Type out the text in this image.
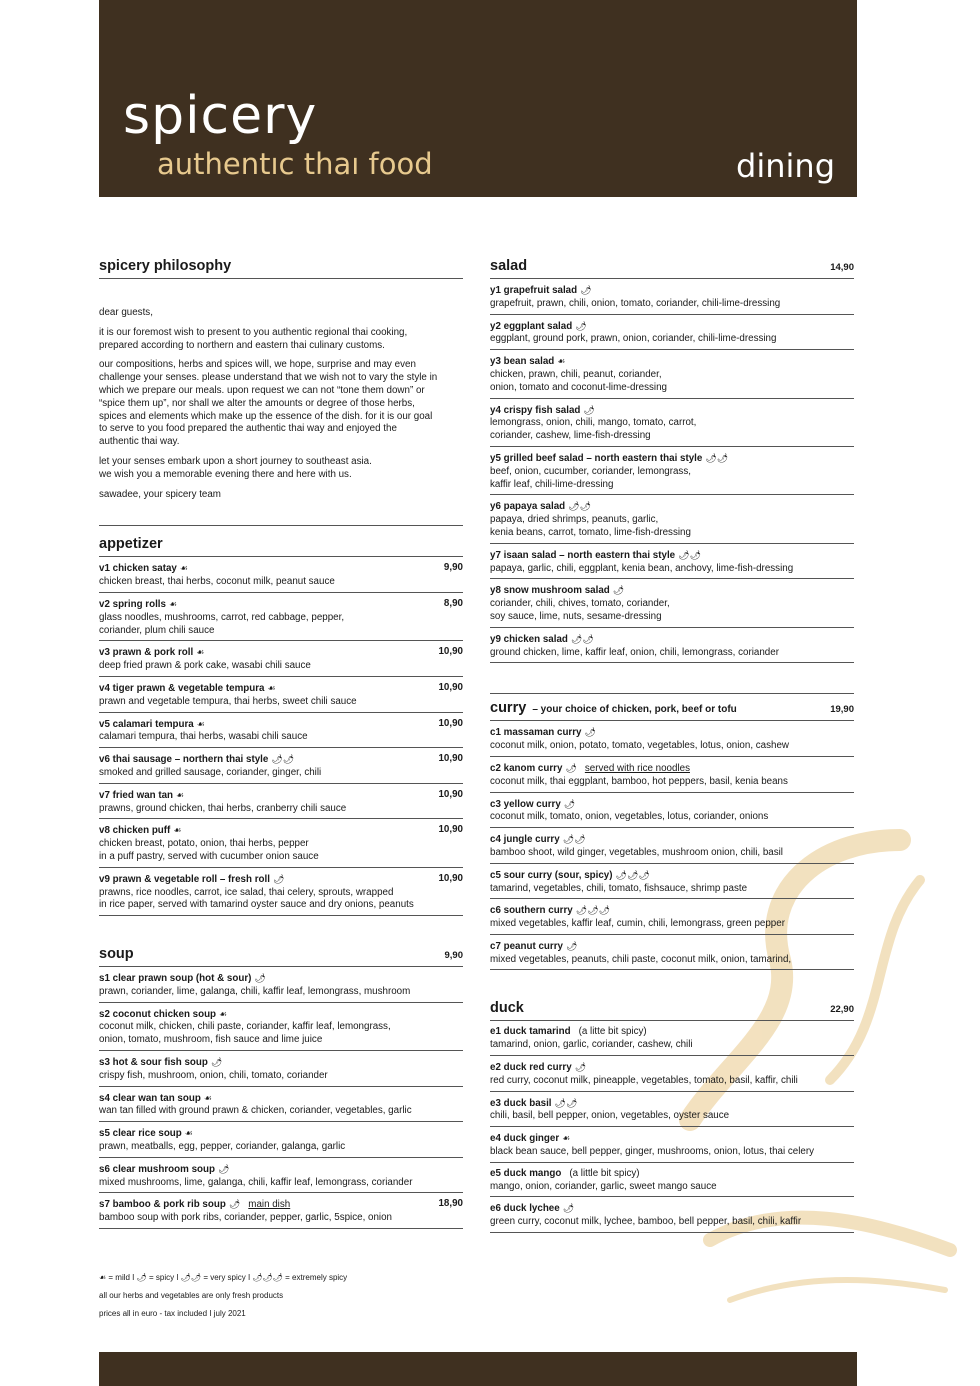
spicery
authentıc thaı food	dining
spicery philosophy

dear guests,

it is our foremost wish to present to you authentic regional thai cooking,
prepared according to northern and eastern thai culinary customs.

our compositions, herbs and spices will, we hope, surprise and may even
challenge your senses. please understand that we wish not to vary the style in
which we prepare our meals. upon request we can not “tone them down” or
“spice them up”, nor shall we alter the amounts or degree of those herbs,
spices and elements which make up the essence of the dish. for it is our goal
to serve to you food prepared the authentic thai way and enjoyed the
authentic thai way.

let your senses embark upon a short journey to southeast asia.
we wish you a memorable evening there and here with us.

sawadee, your spicery team

appetizer
v1 chicken satay ☙	9,90
chicken breast, thai herbs, coconut milk, peanut sauce
v2 spring rolls ☙	8,90
glass noodles, mushrooms, carrot, red cabbage, pepper,
coriander, plum chili sauce
v3 prawn & pork roll ☙	10,90
deep fried prawn & pork cake, wasabi chili sauce
v4 tiger prawn & vegetable tempura ☙	10,90
prawn and vegetable tempura, thai herbs, sweet chili sauce
v5 calamari tempura ☙	10,90
calamari tempura, thai herbs, wasabi chili sauce
v6 thai sausage – northern thai style 🌶🌶	10,90
smoked and grilled sausage, coriander, ginger, chili
v7 fried wan tan ☙	10,90
prawns, ground chicken, thai herbs, cranberry chili sauce
v8 chicken puff ☙	10,90
chicken breast, potato, onion, thai herbs, pepper
in a puff pastry, served with cucumber onion sauce
v9 prawn & vegetable roll – fresh roll 🌶	10,90
prawns, rice noodles, carrot, ice salad, thai celery, sprouts, wrapped
in rice paper, served with tamarind oyster sauce and dry onions, peanuts
soup	9,90
s1 clear prawn soup (hot & sour) 🌶
prawn, coriander, lime, galanga, chili, kaffir leaf, lemongrass, mushroom
s2 coconut chicken soup ☙
coconut milk, chicken, chili paste, coriander, kaffir leaf, lemongrass,
onion, tomato, mushroom, fish sauce and lime juice
s3 hot & sour fish soup 🌶
crispy fish, mushroom, onion, chili, tomato, coriander
s4 clear wan tan soup ☙
wan tan filled with ground prawn & chicken, coriander, vegetables, garlic
s5 clear rice soup ☙
prawn, meatballs, egg, pepper, coriander, galanga, garlic
s6 clear mushroom soup 🌶
mixed mushrooms, lime, galanga, chili, kaffir leaf, lemongrass, coriander
s7 bamboo & pork rib soup 🌶 main dish	18,90
bamboo soup with pork ribs, coriander, pepper, garlic, 5spice, onion
salad	14,90
y1 grapefruit salad 🌶
grapefruit, prawn, chili, onion, tomato, coriander, chili-lime-dressing
y2 eggplant salad 🌶
eggplant, ground pork, prawn, onion, coriander, chili-lime-dressing
y3 bean salad ☙
chicken, prawn, chili, peanut, coriander,
onion, tomato and coconut-lime-dressing
y4 crispy fish salad 🌶
lemongrass, onion, chili, mango, tomato, carrot,
coriander, cashew, lime-fish-dressing
y5 grilled beef salad – north eastern thai style 🌶🌶
beef, onion, cucumber, coriander, lemongrass,
kaffir leaf, chili-lime-dressing
y6 papaya salad 🌶🌶
papaya, dried shrimps, peanuts, garlic,
kenia beans, carrot, tomato, lime-fish-dressing
y7 isaan salad – north eastern thai style 🌶🌶
papaya, garlic, chili, eggplant, kenia bean, anchovy, lime-fish-dressing
y8 snow mushroom salad 🌶
coriander, chili, chives, tomato, coriander,
soy sauce, lime, nuts, sesame-dressing
y9 chicken salad 🌶🌶
ground chicken, lime, kaffir leaf, onion, chili, lemongrass, coriander
curry – your choice of chicken, pork, beef or tofu	19,90
c1 massaman curry 🌶
coconut milk, onion, potato, tomato, vegetables, lotus, onion, cashew
c2 kanom curry 🌶 served with rice noodles
coconut milk, thai eggplant, bamboo, hot peppers, basil, kenia beans
c3 yellow curry 🌶
coconut milk, tomato, onion, vegetables, lotus, coriander, onions
c4 jungle curry 🌶🌶
bamboo shoot, wild ginger, vegetables, mushroom onion, chili, basil
c5 sour curry (sour, spicy) 🌶🌶🌶
tamarind, vegetables, chili, tomato, fishsauce, shrimp paste
c6 southern curry 🌶🌶🌶
mixed vegetables, kaffir leaf, cumin, chili, lemongrass, green pepper
c7 peanut curry 🌶
mixed vegetables, peanuts, chili paste, coconut milk, onion, tamarind,
duck	22,90
e1 duck tamarind (a litte bit spicy)
tamarind, onion, garlic, coriander, cashew, chili
e2 duck red curry 🌶
red curry, coconut milk, pineapple, vegetables, tomato, basil, kaffir, chili
e3 duck basil 🌶🌶
chili, basil, bell pepper, onion, vegetables, oyster sauce
e4 duck ginger ☙
black bean sauce, bell pepper, ginger, mushrooms, onion, lotus, thai celery
e5 duck mango (a little bit spicy)
mango, onion, coriander, garlic, sweet mango sauce
e6 duck lychee 🌶
green curry, coconut milk, lychee, bamboo, bell pepper, basil, chili, kaffir
☙ = mild I 🌶 = spicy I 🌶🌶 = very spicy I 🌶🌶🌶 = extremely spicy
all our herbs and vegetables are only fresh products
prices all in euro - tax included I july 2021
